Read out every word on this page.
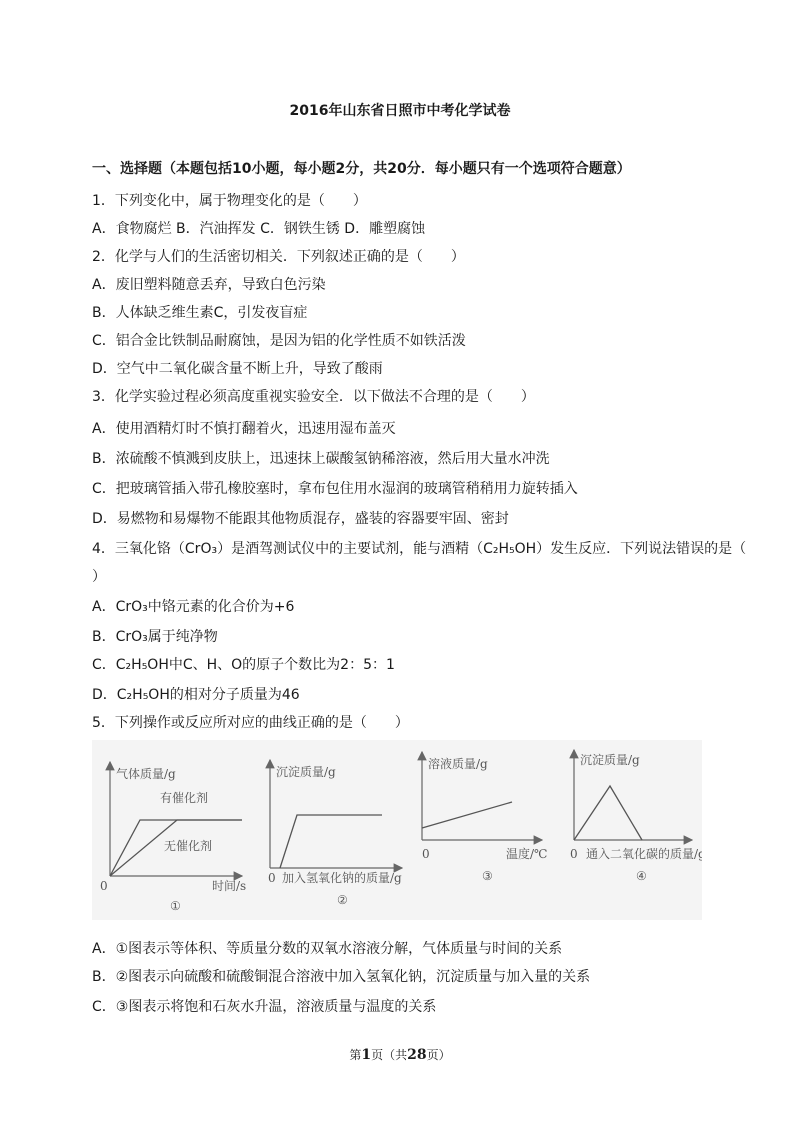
2016年山东省日照市中考化学试卷
一、选择题（本题包括10小题，每小题2分，共20分．每小题只有一个选项符合题意）
1．下列变化中，属于物理变化的是（　　）
A．食物腐烂 B．汽油挥发 C．钢铁生锈 D．雕塑腐蚀
2．化学与人们的生活密切相关．下列叙述正确的是（　　）
A．废旧塑料随意丢弃，导致白色污染
B．人体缺乏维生素C，引发夜盲症
C．铝合金比铁制品耐腐蚀，是因为铝的化学性质不如铁活泼
D．空气中二氧化碳含量不断上升，导致了酸雨
3．化学实验过程必须高度重视实验安全．以下做法不合理的是（　　）
A．使用酒精灯时不慎打翻着火，迅速用湿布盖灭
B．浓硫酸不慎溅到皮肤上，迅速抹上碳酸氢钠稀溶液，然后用大量水冲洗
C．把玻璃管插入带孔橡胶塞时，拿布包住用水湿润的玻璃管稍稍用力旋转插入
D．易燃物和易爆物不能跟其他物质混存，盛装的容器要牢固、密封
4．三氧化铬（CrO₃）是酒驾测试仪中的主要试剂，能与酒精（C₂H₅OH）发生反应．下列说法错误的是（
）
A．CrO₃中铬元素的化合价为+6
B．CrO₃属于纯净物
C．C₂H₅OH中C、H、O的原子个数比为2：5：1
D．C₂H₅OH的相对分子质量为46
5．下列操作或反应所对应的曲线正确的是（　　）
气体质量/g
有催化剂
无催化剂
0	时间/s
①
沉淀质量/g
0 加入氢氧化钠的质量/g
②
溶液质量/g
0	温度/℃
③
沉淀质量/g
0 通入二氧化碳的质量/g
④
A．①图表示等体积、等质量分数的双氧水溶液分解，气体质量与时间的关系
B．②图表示向硫酸和硫酸铜混合溶液中加入氢氧化钠，沉淀质量与加入量的关系
C．③图表示将饱和石灰水升温，溶液质量与温度的关系
第1页（共28页）
